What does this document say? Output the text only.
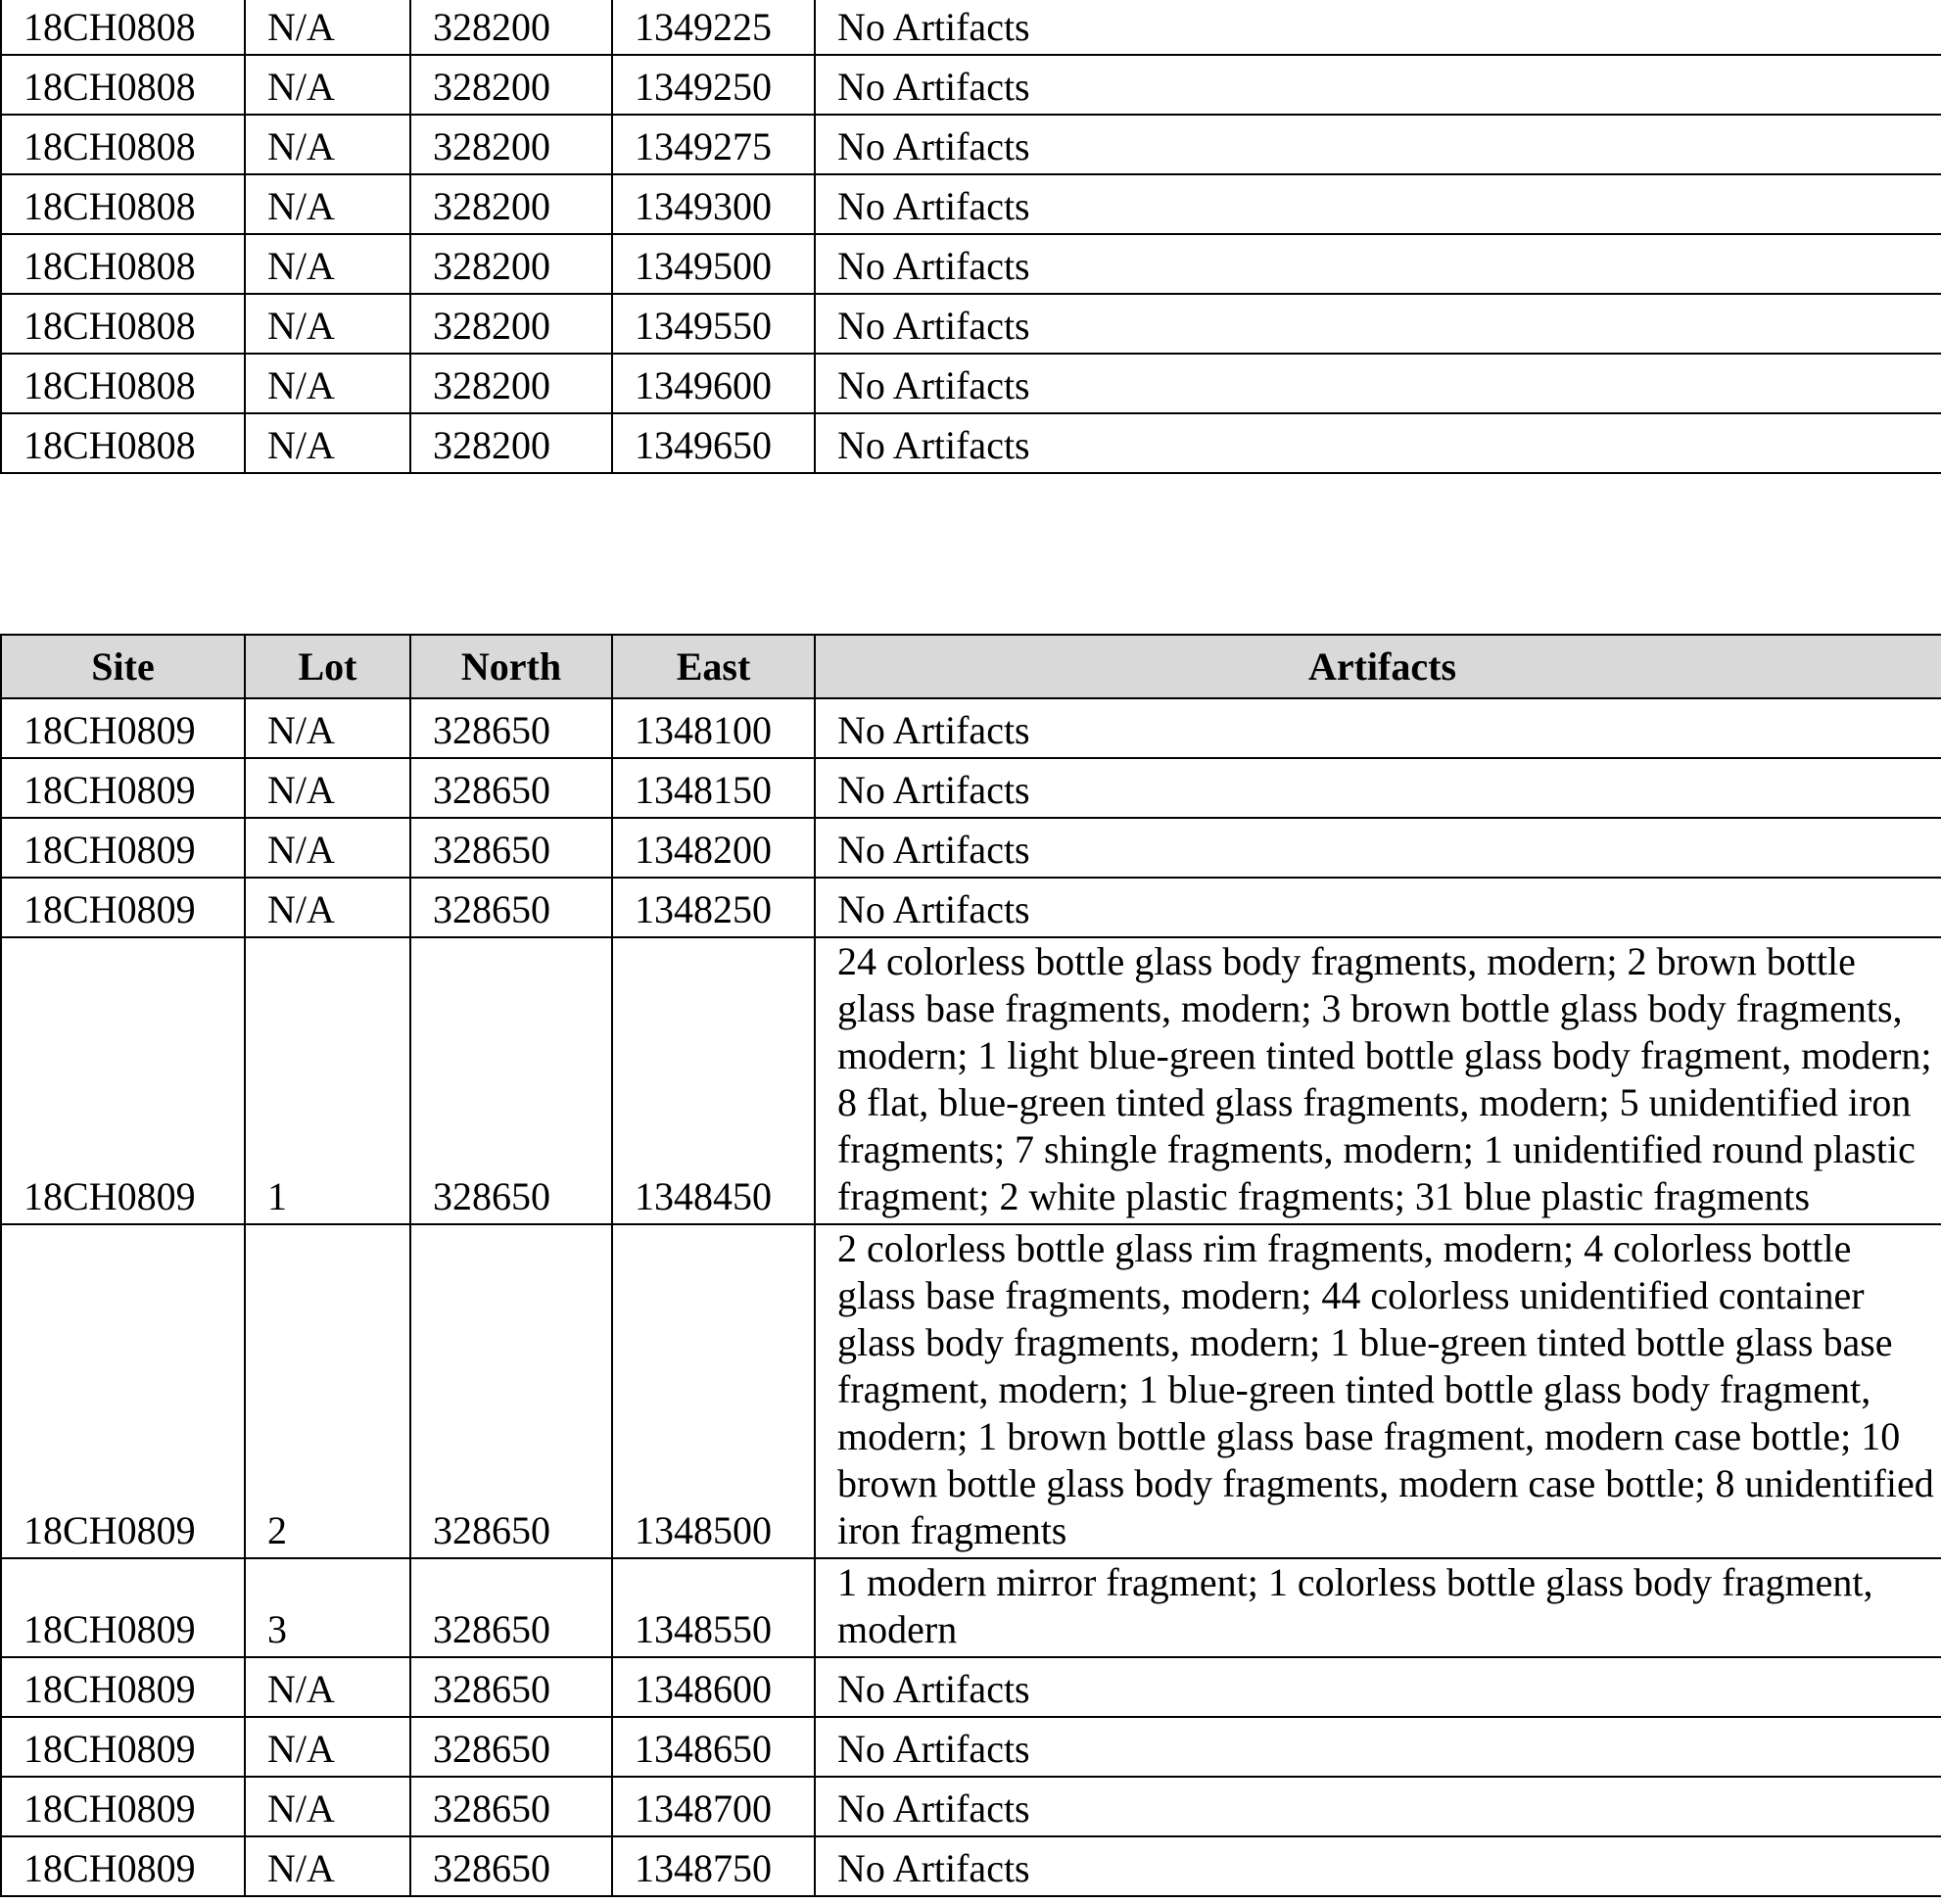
18CH0808	N/A	328200	1349225	No Artifacts
18CH0808	N/A	328200	1349250	No Artifacts
18CH0808	N/A	328200	1349275	No Artifacts
18CH0808	N/A	328200	1349300	No Artifacts
18CH0808	N/A	328200	1349500	No Artifacts
18CH0808	N/A	328200	1349550	No Artifacts
18CH0808	N/A	328200	1349600	No Artifacts
18CH0808	N/A	328200	1349650	No Artifacts
Site	Lot	North	East	Artifacts
18CH0809	N/A	328650	1348100	No Artifacts
18CH0809	N/A	328650	1348150	No Artifacts
18CH0809	N/A	328650	1348200	No Artifacts
18CH0809	N/A	328650	1348250	No Artifacts
18CH0809	1	328650	1348450	24 colorless bottle glass body fragments, modern; 2 brown bottle glass base fragments, modern; 3 brown bottle glass body fragments, modern; 1 light blue-green tinted bottle glass body fragment, modern; 8 flat, blue-green tinted glass fragments, modern; 5 unidentified iron fragments; 7 shingle fragments, modern; 1 unidentified round plastic fragment; 2 white plastic fragments; 31 blue plastic fragments
18CH0809	2	328650	1348500	2 colorless bottle glass rim fragments, modern; 4 colorless bottle glass base fragments, modern; 44 colorless unidentified container glass body fragments, modern; 1 blue-green tinted bottle glass base fragment, modern; 1 blue-green tinted bottle glass body fragment, modern; 1 brown bottle glass base fragment, modern case bottle; 10 brown bottle glass body fragments, modern case bottle; 8 unidentified iron fragments
18CH0809	3	328650	1348550	1 modern mirror fragment; 1 colorless bottle glass body fragment, modern
18CH0809	N/A	328650	1348600	No Artifacts
18CH0809	N/A	328650	1348650	No Artifacts
18CH0809	N/A	328650	1348700	No Artifacts
18CH0809	N/A	328650	1348750	No Artifacts
